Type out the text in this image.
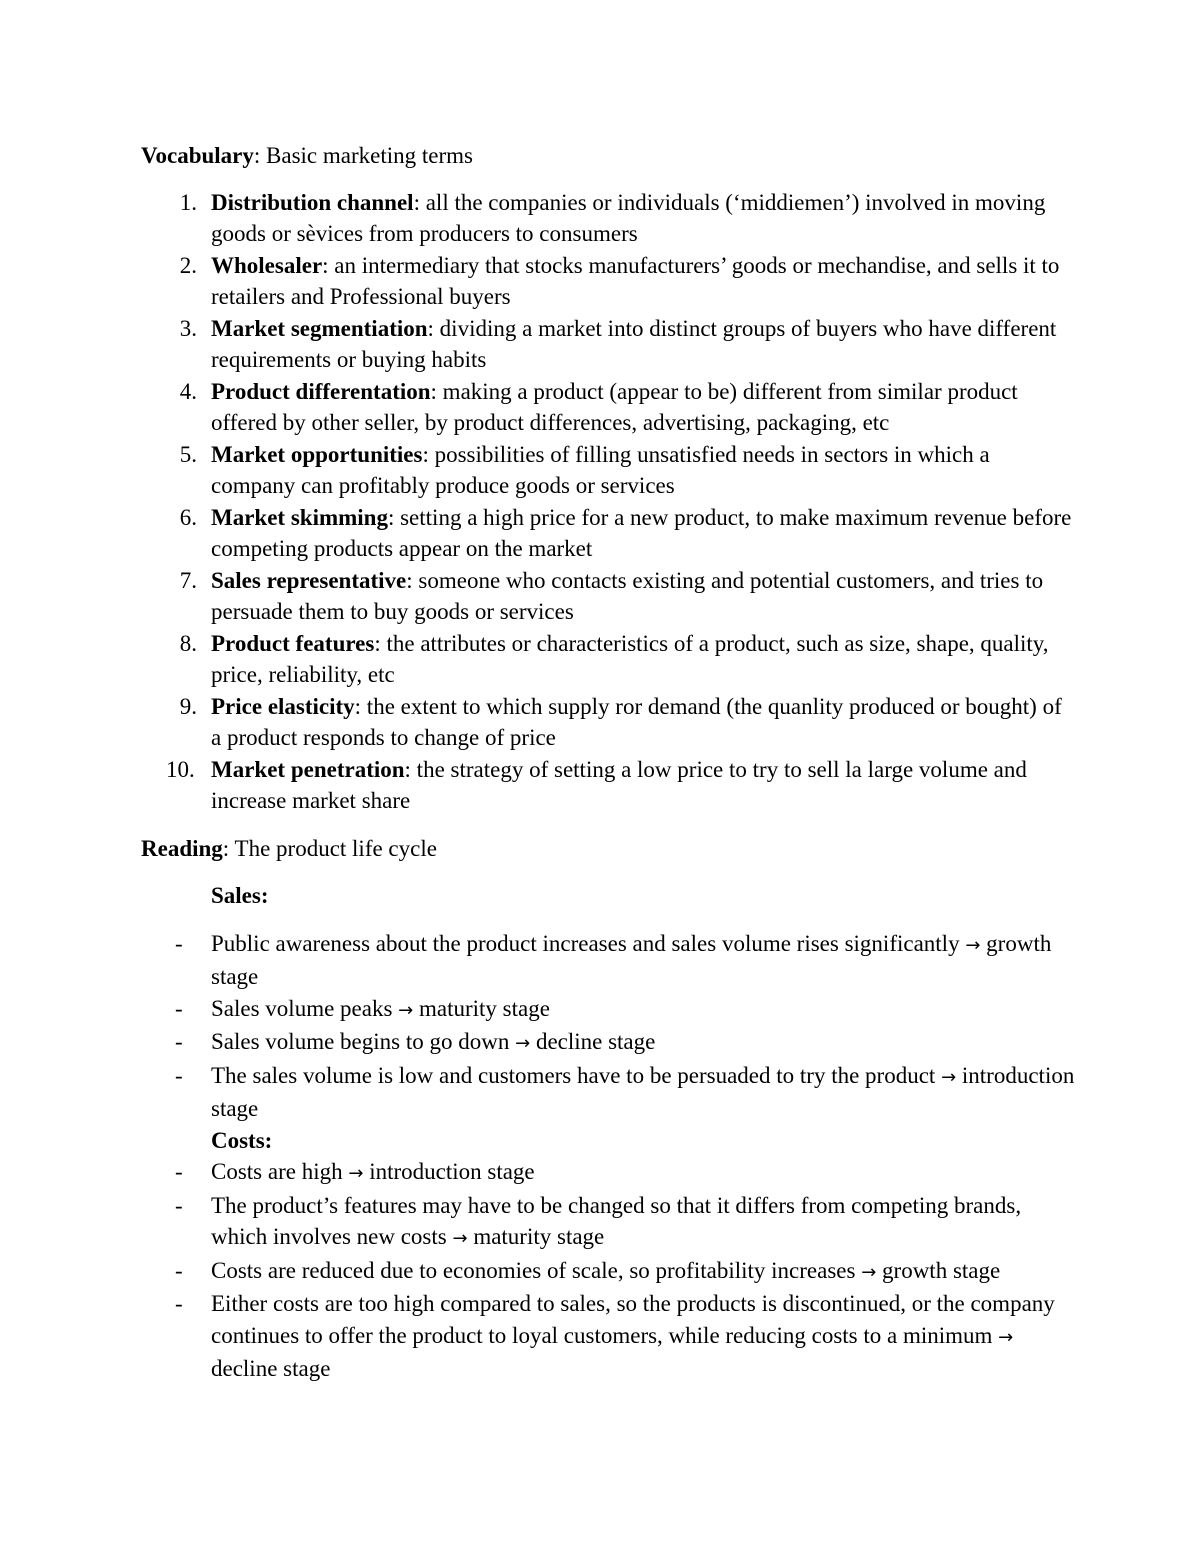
Vocabulary: Basic marketing terms

1. Distribution channel: all the companies or individuals (‘middiemen’) involved in moving goods or sèvices from producers to consumers
2. Wholesaler: an intermediary that stocks manufacturers’ goods or mechandise, and sells it to retailers and Professional buyers
3. Market segmentiation: dividing a market into distinct groups of buyers who have different requirements or buying habits
4. Product differentation: making a product (appear to be) different from similar product offered by other seller, by product differences, advertising, packaging, etc
5. Market opportunities: possibilities of filling unsatisfied needs in sectors in which a company can profitably produce goods or services
6. Market skimming: setting a high price for a new product, to make maximum revenue before competing products appear on the market
7. Sales representative: someone who contacts existing and potential customers, and tries to persuade them to buy goods or services
8. Product features: the attributes or characteristics of a product, such as size, shape, quality, price, reliability, etc
9. Price elasticity: the extent to which supply ror demand (the quanlity produced or bought) of a product responds to change of price
10. Market penetration: the strategy of setting a low price to try to sell la large volume and increase market share

Reading: The product life cycle

Sales:
- Public awareness about the product increases and sales volume rises significantly → growth stage
- Sales volume peaks → maturity stage
- Sales volume begins to go down → decline stage
- The sales volume is low and customers have to be persuaded to try the product → introduction stage
Costs:
- Costs are high → introduction stage
- The product’s features may have to be changed so that it differs from competing brands, which involves new costs → maturity stage
- Costs are reduced due to economies of scale, so profitability increases → growth stage
- Either costs are too high compared to sales, so the products is discontinued, or the company continues to offer the product to loyal customers, while reducing costs to a minimum → decline stage
